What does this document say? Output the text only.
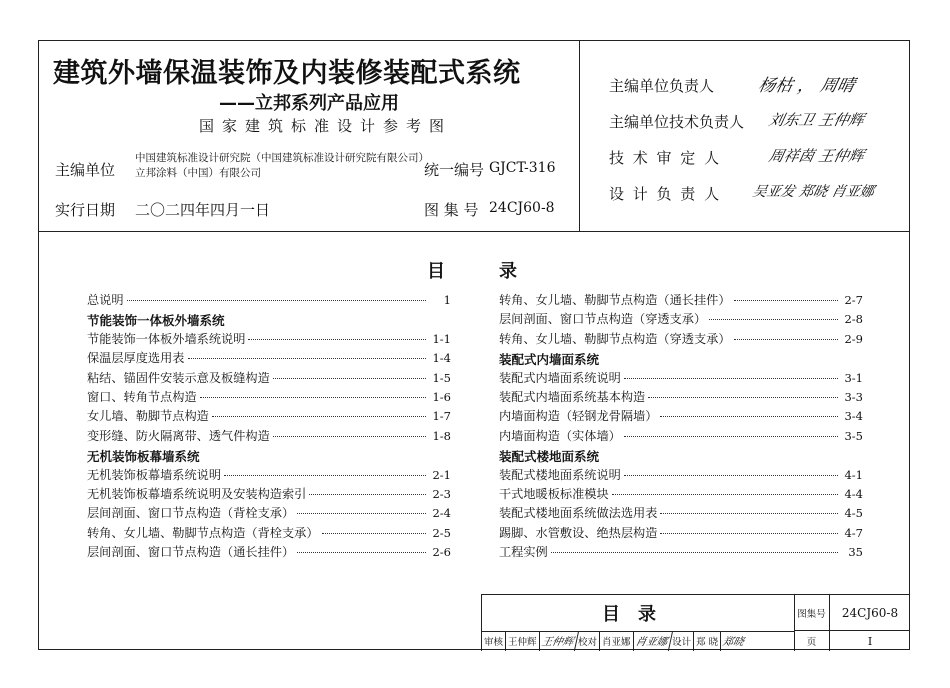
建筑外墙保温装饰及内装修装配式系统
——立邦系列产品应用
国家建筑标准设计参考图
主编单位
中国建筑标准设计研究院（中国建筑标准设计研究院有限公司）
立邦涂料（中国）有限公司	统一编号 GJCT-316
实行日期 二〇二四年四月一日	图 集 号 24CJ60-8
主编单位负责人 杨枯 ， 周晴
主编单位技术负责人 刘东卫 王仲辉
技 术 审 定 人	周祥茵 王仲辉
设 计 负 责 人 吴亚发 郑晓 肖亚娜
目	录
总说明	1
节能装饰一体板外墙系统
节能装饰一体板外墙系统说明	1-1
保温层厚度选用表	1-4
粘结、锚固件安装示意及板缝构造	1-5
窗口、转角节点构造	1-6
女儿墙、勒脚节点构造	1-7
变形缝、防火隔离带、透气件构造	1-8
无机装饰板幕墙系统
无机装饰板幕墙系统说明	2-1
无机装饰板幕墙系统说明及安装构造索引	2-3
层间剖面、窗口节点构造（背栓支承）	2-4
转角、女儿墙、勒脚节点构造（背栓支承）	2-5
层间剖面、窗口节点构造（通长挂件）	2-6
转角、女儿墙、勒脚节点构造（通长挂件）	2-7
层间剖面、窗口节点构造（穿透支承）	2-8
转角、女儿墙、勒脚节点构造（穿透支承）	2-9
装配式内墙面系统
装配式内墙面系统说明	3-1
装配式内墙面系统基本构造	3-3
内墙面构造（轻钢龙骨隔墙）	3-4
内墙面构造（实体墙）	3-5
装配式楼地面系统
装配式楼地面系统说明	4-1
干式地暖板标准模块	4-4
装配式楼地面系统做法选用表	4-5
踢脚、水管敷设、绝热层构造	4-7
工程实例	35
目录	图集号	24CJ60-8
页	I
审核 王仲辉 王仲辉 校对 肖亚娜 肖亚娜 设计 郑 晓 郑晓
